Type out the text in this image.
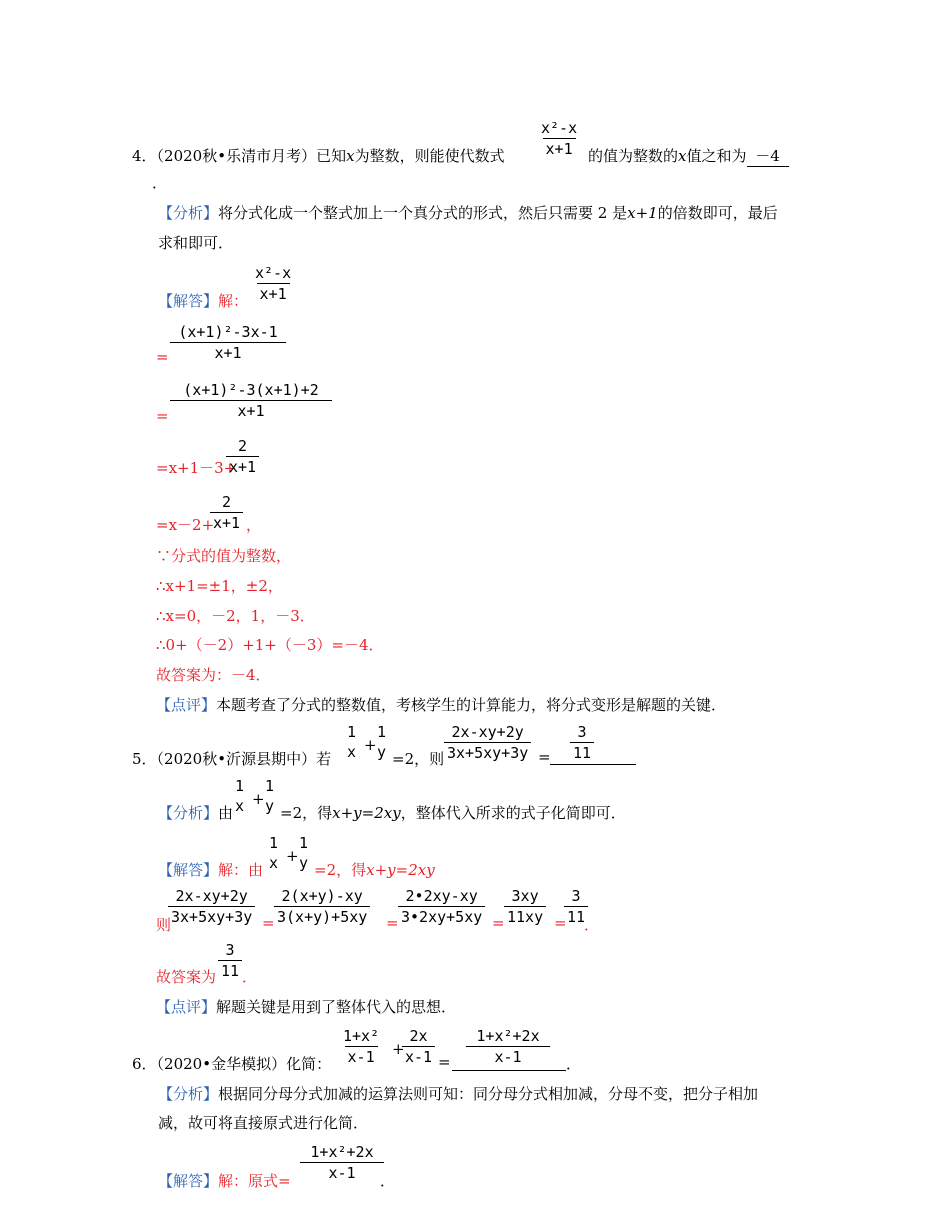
$\frac{\text{x²-x}}{x+1}$
4．（2020秋•乐清市月考）已知x为整数，则能使代数式	的值为整数的x值之和为 －4
．
【分析】将分式化成一个整式加上一个真分式的形式，然后只需要 2 是x+1的倍数即可，最后
求和即可．
$\frac{\text{x²-x}}{x+1}$
【解答】解：
$\frac{\text{(x+1)²-3x-1}}{x+1}$
=
$\frac{\text{(x+1)²-3(x+1)+2}}{x+1}$
=
=x+1－3+
$\frac{2}{x+1}$
=x－2+
$\frac{2}{x+1}$ ，
∵分式的值为整数，
∴x+1=±1，±2，
∴x=0，－2，1，－3．
∴0+（－2）+1+（－3）=－4．
故答案为：－4．
【点评】本题考查了分式的整数值，考核学生的计算能力，将分式变形是解题的关键．
5．（2020秋•沂源县期中）若
1
x +
1
y =2，则 $\frac{2x-xy+2y}{3x+5xy+3y} = \frac{3}{11}$
【分析】由
1
x +
1
y =2，得x+y=2xy，整体代入所求的式子化简即可．
【解答】解：由
1
x +
1
y =2，得x+y=2xy
则
$\frac{2x-xy+2y}{3x+5xy+3y} = \frac{2(x+y)-xy}{3(x+y)+5xy} = \frac{2•2xy-xy}{3•2xy+5xy} = \frac{3xy}{11xy}$ =
$\frac{3}{11}$
．
故答案为 $\frac{3}{11}$ ．
【点评】解题关键是用到了整体代入的思想．
6．（2020•金华模拟）化简： $\frac{\text{1+x²}}{x-1}$ +
$\frac{2x}{x-1} = \frac{\text{1+x²+2x}}{x-1}$ ．
【分析】根据同分母分式加减的运算法则可知：同分母分式相加减，分母不变，把分子相加
减，故可将直接原式进行化简．
【解答】解：原式= $\frac{\text{1+x²+2x}}{x-1}$
．
